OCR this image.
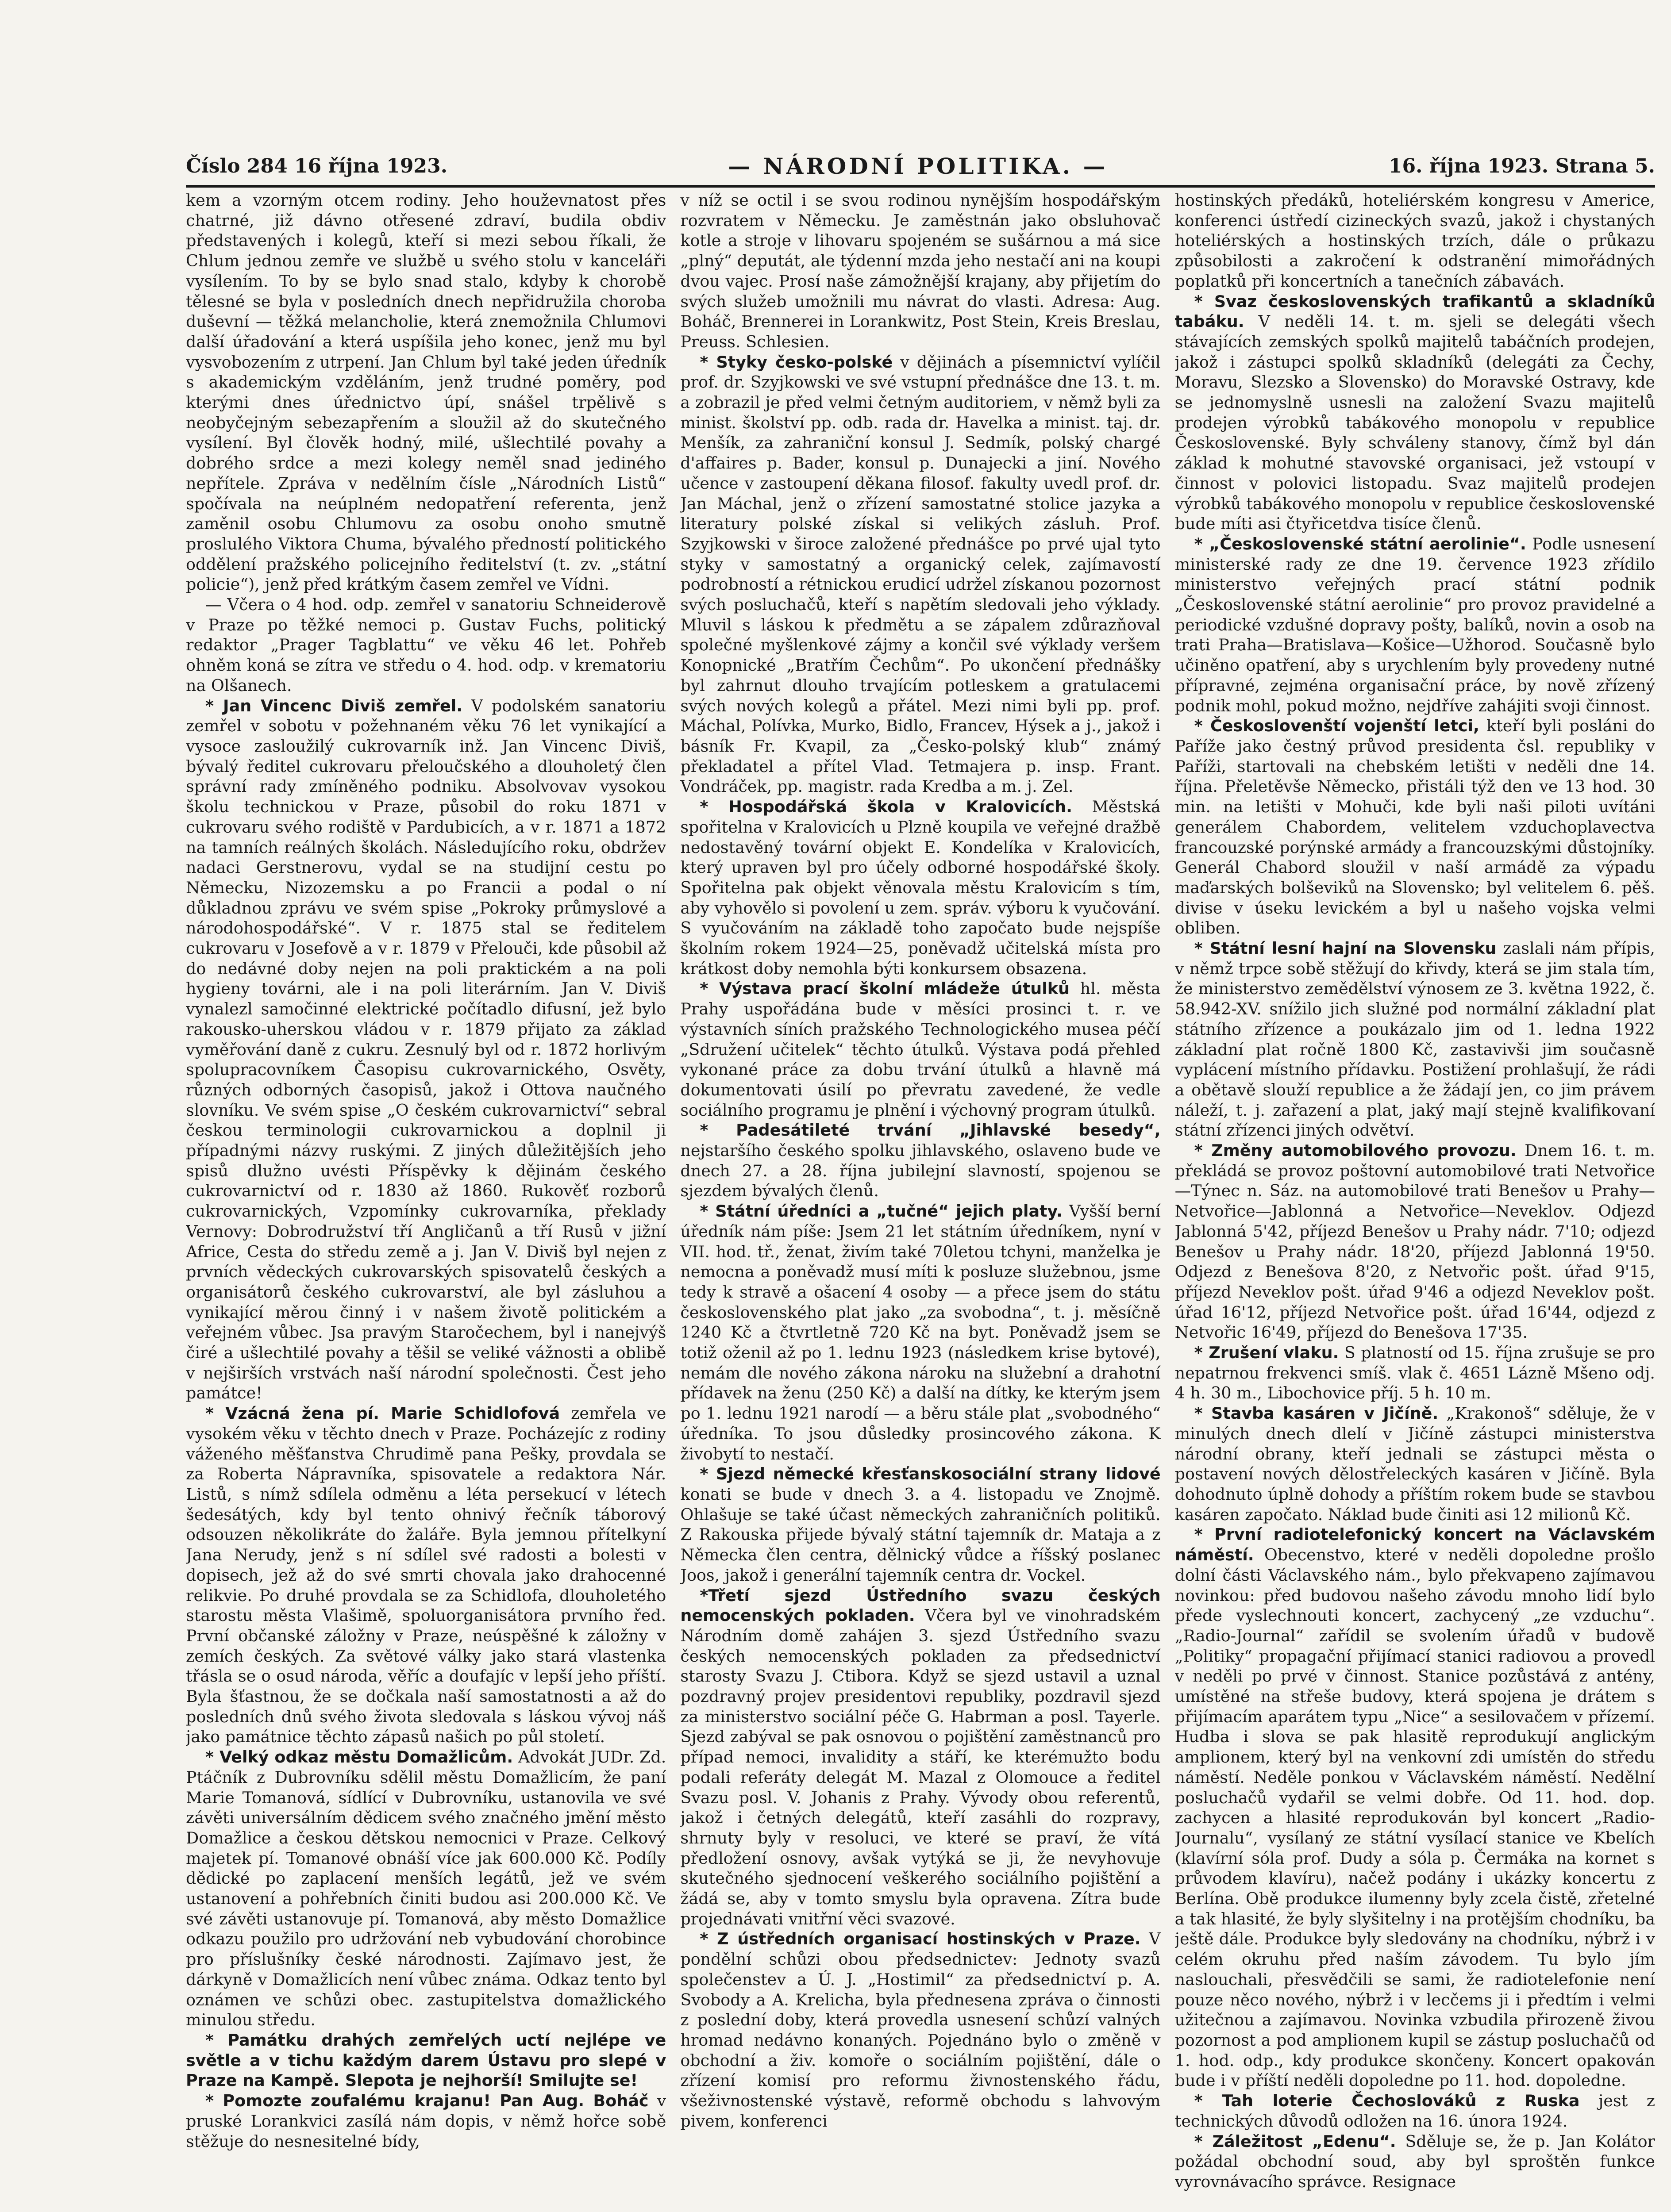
Číslo 284 16 října 1923.	— NÁRODNÍ POLITIKA. —	16. října 1923. Strana 5.

kem a vzorným otcem rodiny. Jeho houževnatost přes chatrné, již dávno otřesené zdraví, budila obdiv představených i kolegů, kteří si mezi sebou říkali, že Chlum jednou zemře ve službě u svého stolu v kanceláři vysílením. To by se bylo snad stalo, kdyby k chorobě tělesné se byla v posledních dnech nepřidružila choroba duševní — těžká melancholie, která znemožnila Chlumovi další úřadování a která uspíšila jeho konec, jenž mu byl vysvobozením z utrpení. Jan Chlum byl také jeden úředník s akademickým vzděláním, jenž trudné poměry, pod kterými dnes úřednictvo úpí, snášel trpělivě s neobyčejným sebezapřením a sloužil až do skutečného vysílení. Byl člověk hodný, milé, ušlechtilé povahy a dobrého srdce a mezi kolegy neměl snad jediného nepřítele. Zpráva v nedělním čísle „Národních Listů“ spočívala na neúplném nedopatření referenta, jenž zaměnil osobu Chlumovu za osobu onoho smutně proslulého Viktora Chuma, bývalého předností politického oddělení pražského policejního ředitelství (t. zv. „státní policie“), jenž před krátkým časem zemřel ve Vídni.

— Včera o 4 hod. odp. zemřel v sanatoriu Schneiderově v Praze po těžké nemoci p. Gustav Fuchs, politický redaktor „Prager Tagblattu“ ve věku 46 let. Pohřeb ohněm koná se zítra ve středu o 4. hod. odp. v krematoriu na Olšanech.

* Jan Vincenc Diviš zemřel. V podolském sanatoriu zemřel v sobotu v požehnaném věku 76 let vynikající a vysoce zasloužilý cukrovarník inž. Jan Vincenc Diviš, bývalý ředitel cukrovaru přeloučského a dlouholetý člen správní rady zmíněného podniku. Absolvovav vysokou školu technickou v Praze, působil do roku 1871 v cukrovaru svého rodiště v Pardubicích, a v r. 1871 a 1872 na tamních reálných školách. Následujícího roku, obdržev nadaci Gerstnerovu, vydal se na studijní cestu po Německu, Nizozemsku a po Francii a podal o ní důkladnou zprávu ve svém spise „Pokroky průmyslové a národohospodářské“. V r. 1875 stal se ředitelem cukrovaru v Josefově a v r. 1879 v Přelouči, kde působil až do nedávné doby nejen na poli praktickém a na poli hygieny továrni, ale i na poli literárním. Jan V. Diviš vynalezl samočinné elektrické počítadlo difusní, jež bylo rakousko-uherskou vládou v r. 1879 přijato za základ vyměřování daně z cukru. Zesnulý byl od r. 1872 horlivým spolupracovníkem Časopisu cukrovarnického, Osvěty, různých odborných časopisů, jakož i Ottova naučného slovníku. Ve svém spise „O českém cukrovarnictví“ sebral českou terminologii cukrovarnickou a doplnil ji případnými názvy ruskými. Z jiných důležitějších jeho spisů dlužno uvésti Příspěvky k dějinám českého cukrovarnictví od r. 1830 až 1860. Rukověť rozborů cukrovarnických, Vzpomínky cukrovarníka, překlady Vernovy: Dobrodružství tří Angličanů a tří Rusů v jižní Africe, Cesta do středu země a j. Jan V. Diviš byl nejen z prvních vědeckých cukrovarských spisovatelů českých a organisátorů českého cukrovarství, ale byl zásluhou a vynikající měrou činný i v našem životě politickém a veřejném vůbec. Jsa pravým Staročechem, byl i nanejvýš čiré a ušlechtilé povahy a těšil se veliké vážnosti a oblibě v nejširších vrstvách naší národní společnosti. Čest jeho památce!

* Vzácná žena pí. Marie Schidlofová zemřela ve vysokém věku v těchto dnech v Praze. Pocházejíc z rodiny váženého měšťanstva Chrudimě pana Pešky, provdala se za Roberta Nápravníka, spisovatele a redaktora Nár. Listů, s nímž sdílela odměnu a léta persekucí v létech šedesátých, kdy byl tento ohnivý řečník táborový odsouzen několikráte do žaláře. Byla jemnou přítelkyní Jana Nerudy, jenž s ní sdílel své radosti a bolesti v dopisech, jež až do své smrti chovala jako drahocenné relikvie. Po druhé provdala se za Schidlofa, dlouholetého starostu města Vlašimě, spoluorganisátora prvního řed. První občanské záložny v Praze, neúspěšné k záložny v zemích českých. Za světové války jako stará vlastenka třásla se o osud národa, věříc a doufajíc v lepší jeho příští. Byla šťastnou, že se dočkala naší samostatnosti a až do posledních dnů svého života sledovala s láskou vývoj náš jako památnice těchto zápasů našich po půl století.

* Velký odkaz městu Domažlicům. Advokát JUDr. Zd. Ptáčník z Dubrovníku sdělil městu Domažlicím, že paní Marie Tomanová, sídlící v Dubrovníku, ustanovila ve své závěti universálním dědicem svého značného jmění město Domažlice a českou dětskou nemocnici v Praze. Celkový majetek pí. Tomanové obnáší více jak 600.000 Kč. Podíly dědické po zaplacení menších legátů, jež ve svém ustanovení a pohřebních činiti budou asi 200.000 Kč. Ve své závěti ustanovuje pí. Tomanová, aby město Domažlice odkazu použilo pro udržování neb vybudování chorobince pro příslušníky české národnosti. Zajímavo jest, že dárkyně v Domažlicích není vůbec známa. Odkaz tento byl oznámen ve schůzi obec. zastupitelstva domažlického minulou středu.

* Památku drahých zemřelých uctí nejlépe ve světle a v tichu každým darem Ústavu pro slepé v Praze na Kampě. Slepota je nejhorší! Smilujte se!

* Pomozte zoufalému krajanu! Pan Aug. Boháč v pruské Lorankvici zasílá nám dopis, v němž hořce sobě stěžuje do nesnesitelné bídy,

v níž se octil i se svou rodinou nynějším hospodářským rozvratem v Německu. Je zaměstnán jako obsluhovač kotle a stroje v lihovaru spojeném se sušárnou a má sice „plný“ deputát, ale týdenní mzda jeho nestačí ani na koupi dvou vajec. Prosí naše zámožnější krajany, aby přijetím do svých služeb umožnili mu návrat do vlasti. Adresa: Aug. Boháč, Brennerei in Lorankwitz, Post Stein, Kreis Breslau, Preuss. Schlesien.

* Styky česko-polské v dějinách a písemnictví vylíčil prof. dr. Szyjkowski ve své vstupní přednášce dne 13. t. m. a zobrazil je před velmi četným auditoriem, v němž byli za minist. školství pp. odb. rada dr. Havelka a minist. taj. dr. Menšík, za zahraniční konsul J. Sedmík, polský chargé d'affaires p. Bader, konsul p. Dunajecki a jiní. Nového učence v zastoupení děkana filosof. fakulty uvedl prof. dr. Jan Máchal, jenž o zřízení samostatné stolice jazyka a literatury polské získal si velikých zásluh. Prof. Szyjkowski v široce založené přednášce po prvé ujal tyto styky v samostatný a organický celek, zajímavostí podrobností a rétnickou erudicí udržel získanou pozornost svých posluchačů, kteří s napětím sledovali jeho výklady. Mluvil s láskou k předmětu a se zápalem zdůrazňoval společné myšlenkové zájmy a končil své výklady veršem Konopnické „Bratřím Čechům“. Po ukončení přednášky byl zahrnut dlouho trvajícím potleskem a gratulacemi svých nových kolegů a přátel. Mezi nimi byli pp. prof. Máchal, Polívka, Murko, Bidlo, Francev, Hýsek a j., jakož i básník Fr. Kvapil, za „Česko-polský klub“ známý překladatel a přítel Vlad. Tetmajera p. insp. Frant. Vondráček, pp. magistr. rada Kredba a m. j. Zel.

* Hospodářská škola v Kralovicích. Městská spořitelna v Kralovicích u Plzně koupila ve veřejné dražbě nedostavěný tovární objekt E. Kondelíka v Kralovicích, který upraven byl pro účely odborné hospodářské školy. Spořitelna pak objekt věnovala městu Kralovicím s tím, aby vyhovělo si povolení u zem. správ. výboru k vyučování. S vyučováním na základě toho započato bude nejspíše školním rokem 1924—25, poněvadž učitelská místa pro krátkost doby nemohla býti konkursem obsazena.

* Výstava prací školní mládeže útulků hl. města Prahy uspořádána bude v měsíci prosinci t. r. ve výstavních síních pražského Technologického musea péčí „Sdružení učitelek“ těchto útulků. Výstava podá přehled vykonané práce za dobu trvání útulků a hlavně má dokumentovati úsilí po převratu zavedené, že vedle sociálního programu je plnění i výchovný program útulků.

* Padesátileté trvání „Jihlavské besedy“, nejstaršího českého spolku jihlavského, oslaveno bude ve dnech 27. a 28. října jubilejní slavností, spojenou se sjezdem bývalých členů.

* Státní úředníci a „tučné“ jejich platy. Vyšší berní úředník nám píše: Jsem 21 let státním úředníkem, nyní v VII. hod. tř., ženat, živím také 70letou tchyni, manželka je nemocna a poněvadž musí míti k posluze služebnou, jsme tedy k stravě a ošacení 4 osoby — a přece jsem do státu československého plat jako „za svobodna“, t. j. měsíčně 1240 Kč a čtvrtletně 720 Kč na byt. Poněvadž jsem se totiž oženil až po 1. lednu 1923 (následkem krise bytové), nemám dle nového zákona nároku na služební a drahotní přídavek na ženu (250 Kč) a další na dítky, ke kterým jsem po 1. lednu 1921 narodí — a běru stále plat „svobodného“ úředníka. To jsou důsledky prosincového zákona. K živobytí to nestačí.

* Sjezd německé křesťanskosociální strany lidové konati se bude v dnech 3. a 4. listopadu ve Znojmě. Ohlašuje se také účast německých zahraničních politiků. Z Rakouska přijede bývalý státní tajemník dr. Mataja a z Německa člen centra, dělnický vůdce a říšský poslanec Joos, jakož i generální tajemník centra dr. Vockel.

*Třetí sjezd Ústředního svazu českých nemocenských pokladen. Včera byl ve vinohradském Národním domě zahájen 3. sjezd Ústředního svazu českých nemocenských pokladen za předsednictví starosty Svazu J. Ctibora. Když se sjezd ustavil a uznal pozdravný projev presidentovi republiky, pozdravil sjezd za ministerstvo sociální péče G. Habrman a posl. Tayerle. Sjezd zabýval se pak osnovou o pojištění zaměstnanců pro případ nemoci, invalidity a stáří, ke kterémužto bodu podali referáty delegát M. Mazal z Olomouce a ředitel Svazu posl. V. Johanis z Prahy. Vývody obou referentů, jakož i četných delegátů, kteří zasáhli do rozpravy, shrnuty byly v resoluci, ve které se praví, že vítá předložení osnovy, avšak vytýká se ji, že nevyhovuje skutečného sjednocení veškerého sociálního pojištění a žádá se, aby v tomto smyslu byla opravena. Zítra bude projednávati vnitřní věci svazové.

* Z ústředních organisací hostinských v Praze. V pondělní schůzi obou předsednictev: Jednoty svazů společenstev a Ú. J. „Hostimil“ za předsednictví p. A. Svobody a A. Krelicha, byla přednesena zpráva o činnosti z poslední doby, která provedla usnesení schůzí valných hromad nedávno konaných. Pojednáno bylo o změně v obchodní a živ. komoře o sociálním pojištění, dále o zřízení komisí pro reformu živnostenského řádu, všeživnostenské výstavě, reformě obchodu s lahvovým pivem, konferenci

hostinských předáků, hoteliérském kongresu v Americe, konferenci ústředí cizineckých svazů, jakož i chystaných hoteliérských a hostinských trzích, dále o průkazu způsobilosti a zakročení k odstranění mimořádných poplatků při koncertních a tanečních zábavách.

* Svaz československých trafikantů a skladníků tabáku. V neděli 14. t. m. sjeli se delegáti všech stávajících zemských spolků majitelů tabáčních prodejen, jakož i zástupci spolků skladníků (delegáti za Čechy, Moravu, Slezsko a Slovensko) do Moravské Ostravy, kde se jednomyslně usnesli na založení Svazu majitelů prodejen výrobků tabákového monopolu v republice Československé. Byly schváleny stanovy, čímž byl dán základ k mohutné stavovské organisaci, jež vstoupí v činnost v polovici listopadu. Svaz majitelů prodejen výrobků tabákového monopolu v republice československé bude míti asi čtyřicetdva tisíce členů.

* „Československé státní aerolinie“. Podle usnesení ministerské rady ze dne 19. července 1923 zřídilo ministerstvo veřejných prací státní podnik „Československé státní aerolinie“ pro provoz pravidelné a periodické vzdušné dopravy pošty, balíků, novin a osob na trati Praha—Bratislava—Košice—Užhorod. Současně bylo učiněno opatření, aby s urychlením byly provedeny nutné přípravné, zejména organisační práce, by nově zřízený podnik mohl, pokud možno, nejdříve zahájiti svoji činnost.

* Českoslovenští vojenští letci, kteří byli posláni do Paříže jako čestný průvod presidenta čsl. republiky v Paříži, startovali na chebském letišti v neděli dne 14. října. Přeletěvše Německo, přistáli týž den ve 13 hod. 30 min. na letišti v Mohuči, kde byli naši piloti uvítáni generálem Chabordem, velitelem vzduchoplavectva francouzské porýnské armády a francouzskými důstojníky. Generál Chabord sloužil v naší armádě za výpadu maďarských bolševiků na Slovensko; byl velitelem 6. pěš. divise v úseku levickém a byl u našeho vojska velmi obliben.

* Státní lesní hajní na Slovensku zaslali nám přípis, v němž trpce sobě stěžují do křivdy, která se jim stala tím, že ministerstvo zemědělství výnosem ze 3. května 1922, č. 58.942-XV. snížilo jich služné pod normální základní plat státního zřízence a poukázalo jim od 1. ledna 1922 základní plat ročně 1800 Kč, zastavivši jim současně vyplácení místního přídavku. Postižení prohlašují, že rádi a obětavě slouží republice a že žádají jen, co jim právem náleží, t. j. zařazení a plat, jaký mají stejně kvalifikovaní státní zřízenci jiných odvětví.

* Změny automobilového provozu. Dnem 16. t. m. překládá se provoz poštovní automobilové trati Netvořice—Týnec n. Sáz. na automobilové trati Benešov u Prahy—Netvořice—Jablonná a Netvořice—Neveklov. Odjezd Jablonná 5'42, příjezd Benešov u Prahy nádr. 7'10; odjezd Benešov u Prahy nádr. 18'20, příjezd Jablonná 19'50. Odjezd z Benešova 8'20, z Netvořic pošt. úřad 9'15, příjezd Neveklov pošt. úřad 9'46 a odjezd Neveklov pošt. úřad 16'12, příjezd Netvořice pošt. úřad 16'44, odjezd z Netvořic 16'49, příjezd do Benešova 17'35.

* Zrušení vlaku. S platností od 15. října zrušuje se pro nepatrnou frekvenci smíš. vlak č. 4651 Lázně Mšeno odj. 4 h. 30 m., Libochovice příj. 5 h. 10 m.

* Stavba kasáren v Jičíně. „Krakonoš“ sděluje, že v minulých dnech dlelí v Jičíně zástupci ministerstva národní obrany, kteří jednali se zástupci města o postavení nových dělostřeleckých kasáren v Jičíně. Byla dohodnuto úplně dohody a příštím rokem bude se stavbou kasáren započato. Náklad bude činiti asi 12 milionů Kč.

* První radiotelefonický koncert na Václavském náměstí. Obecenstvo, které v neděli dopoledne prošlo dolní části Václavského nám., bylo překvapeno zajímavou novinkou: před budovou našeho závodu mnoho lidí bylo přede vyslechnouti koncert, zachycený „ze vzduchu“. „Radio-Journal“ zařídil se svolením úřadů v budově „Politiky“ propagační přijímací stanici radiovou a provedl v neděli po prvé v činnost. Stanice pozůstává z antény, umístěné na střeše budovy, která spojena je drátem s přijímacím aparátem typu „Nice“ a sesilovačem v přízemí. Hudba i slova se pak hlasitě reprodukují anglickým amplionem, který byl na venkovní zdi umístěn do středu náměstí. Neděle ponkou v Václavském náměstí. Nedělní posluchačů vydařil se velmi dobře. Od 11. hod. dop. zachycen a hlasité reprodukován byl koncert „Radio-Journalu“, vysílaný ze státní vysílací stanice ve Kbelích (klavírní sóla prof. Dudy a sóla p. Čermáka na kornet s průvodem klavíru), načež podány i ukázky koncertu z Berlína. Obě produkce ilumenny byly zcela čistě, zřetelné a tak hlasité, že byly slyšitelny i na protějším chodníku, ba ještě dále. Produkce byly sledovány na chodníku, nýbrž i v celém okruhu před naším závodem. Tu bylo jím naslouchali, přesvědčili se sami, že radiotelefonie není pouze něco nového, nýbrž i v lecčems ji i předtím i velmi užitečnou a zajímavou. Novinka vzbudila přirozeně živou pozornost a pod amplionem kupil se zástup posluchačů od 1. hod. odp., kdy produkce skončeny. Koncert opakován bude i v příští neděli dopoledne po 11. hod. dopoledne.

* Tah loterie Čechoslováků z Ruska jest z technických důvodů odložen na 16. února 1924.

* Záležitost „Edenu“. Sděluje se, že p. Jan Kolátor požádal obchodní soud, aby byl sproštěn funkce vyrovnávacího správce. Resignace
